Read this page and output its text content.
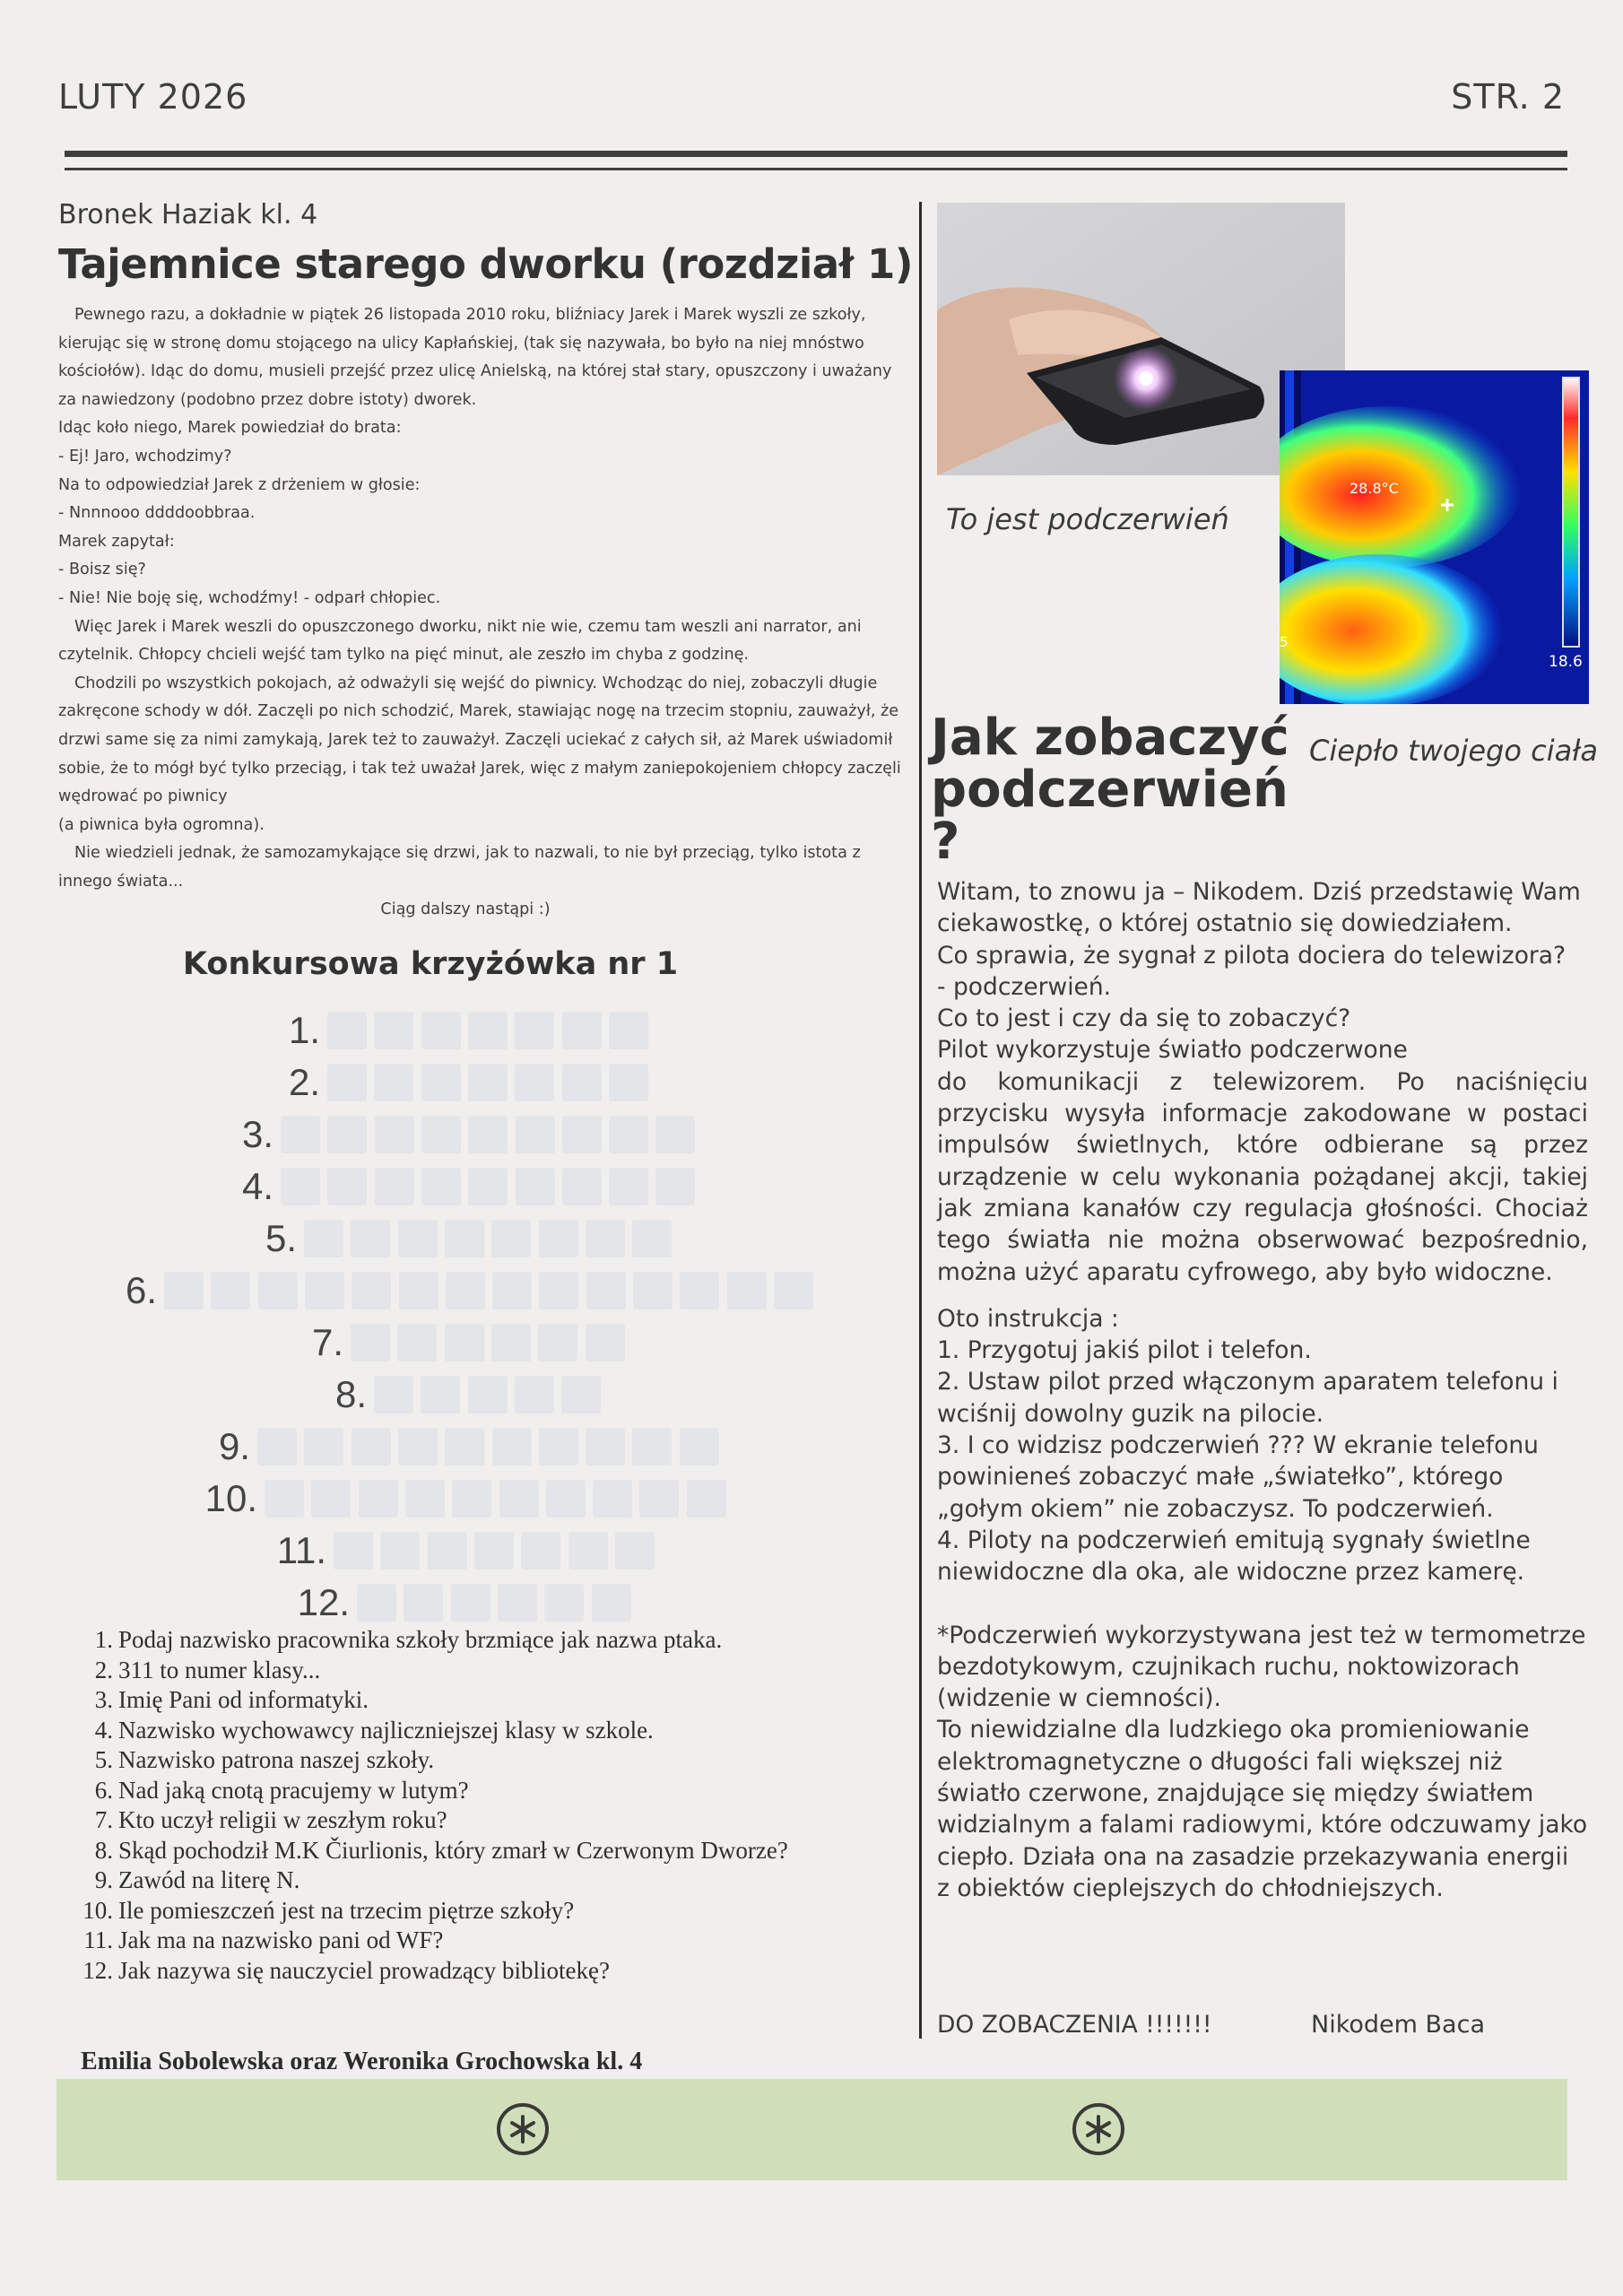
LUTY 2026	STR. 2
Bronek Haziak kl. 4
Tajemnice starego dworku (rozdział 1)

Pewnego razu, a dokładnie w piątek 26 listopada 2010 roku, bliźniacy Jarek i Marek wyszli ze szkoły, kierując się w stronę domu stojącego na ulicy Kapłańskiej, (tak się nazywała, bo było na niej mnóstwo kościołów). Idąc do domu, musieli przejść przez ulicę Anielską, na której stał stary, opuszczony i uważany za nawiedzony (podobno przez dobre istoty) dworek.

Idąc koło niego, Marek powiedział do brata:

- Ej! Jaro, wchodzimy?

Na to odpowiedział Jarek z drżeniem w głosie:

- Nnnnooo ddddoobbraa.

Marek zapytał:

- Boisz się?

- Nie! Nie boję się, wchodźmy! - odparł chłopiec.

Więc Jarek i Marek weszli do opuszczonego dworku, nikt nie wie, czemu tam weszli ani narrator, ani czytelnik. Chłopcy chcieli wejść tam tylko na pięć minut, ale zeszło im chyba z godzinę.

Chodzili po wszystkich pokojach, aż odważyli się wejść do piwnicy. Wchodząc do niej, zobaczyli długie zakręcone schody w dół. Zaczęli po nich schodzić, Marek, stawiając nogę na trzecim stopniu, zauważył, że drzwi same się za nimi zamykają, Jarek też to zauważył. Zaczęli uciekać z całych sił, aż Marek uświadomił sobie, że to mógł być tylko przeciąg, i tak też uważał Jarek, więc z małym zaniepokojeniem chłopcy zaczęli wędrować po piwnicy

(a piwnica była ogromna).

Nie wiedzieli jednak, że samozamykające się drzwi, jak to nazwali, to nie był przeciąg, tylko istota z innego świata...

Ciąg dalszy nastąpi :)

Konkursowa krzyżówka nr 1
1.
2.
3.
4.
5.
6.
7.
8.
9.
10.
11.
12.
1. Podaj nazwisko pracownika szkoły brzmiące jak nazwa ptaka.
2. 311 to numer klasy...
3. Imię Pani od informatyki.
4. Nazwisko wychowawcy najliczniejszej klasy w szkole.
5. Nazwisko patrona naszej szkoły.
6. Nad jaką cnotą pracujemy w lutym?
7. Kto uczył religii w zeszłym roku?
8. Skąd pochodził M.K Čiurlionis, który zmarł w Czerwonym Dworze?
9. Zawód na literę N.
10. Ile pomieszczeń jest na trzecim piętrze szkoły?
11. Jak ma na nazwisko pani od WF?
12. Jak nazywa się nauczyciel prowadzący bibliotekę?
Emilia Sobolewska oraz Weronika Grochowska kl. 4
28.8°C
18.6
5
To jest podczerwień
Ciepło twojego ciała
Jak zobaczyć
podczerwień ?

Witam, to znowu ja – Nikodem. Dziś przedstawię Wam ciekawostkę, o której ostatnio się dowiedziałem.

Co sprawia, że sygnał z pilota dociera do telewizora?

- podczerwień.

Co to jest i czy da się to zobaczyć?

Pilot wykorzystuje światło podczerwone

do komunikacji z telewizorem. Po naciśnięciu przycisku wysyła informacje zakodowane w postaci impulsów świetlnych, które odbierane są przez urządzenie w celu wykonania pożądanej akcji, takiej jak zmiana kanałów czy regulacja głośności. Chociaż tego światła nie można obserwować bezpośrednio, można użyć aparatu cyfrowego, aby było widoczne.

Oto instrukcja :

1. Przygotuj jakiś pilot i telefon.

2. Ustaw pilot przed włączonym aparatem telefonu i wciśnij dowolny guzik na pilocie.

3. I co widzisz podczerwień ??? W ekranie telefonu powinieneś zobaczyć małe „światełko”, którego „gołym okiem” nie zobaczysz. To podczerwień.

4. Piloty na podczerwień emitują sygnały świetlne niewidoczne dla oka, ale widoczne przez kamerę.

*Podczerwień wykorzystywana jest też w termometrze bezdotykowym, czujnikach ruchu, noktowizorach (widzenie w ciemności).

To niewidzialne dla ludzkiego oka promieniowanie elektromagnetyczne o długości fali większej niż światło czerwone, znajdujące się między światłem widzialnym a falami radiowymi, które odczuwamy jako ciepło. Działa ona na zasadzie przekazywania energii z obiektów cieplejszych do chłodniejszych.

DO ZOBACZENIA !!!!!!!	Nikodem Baca
